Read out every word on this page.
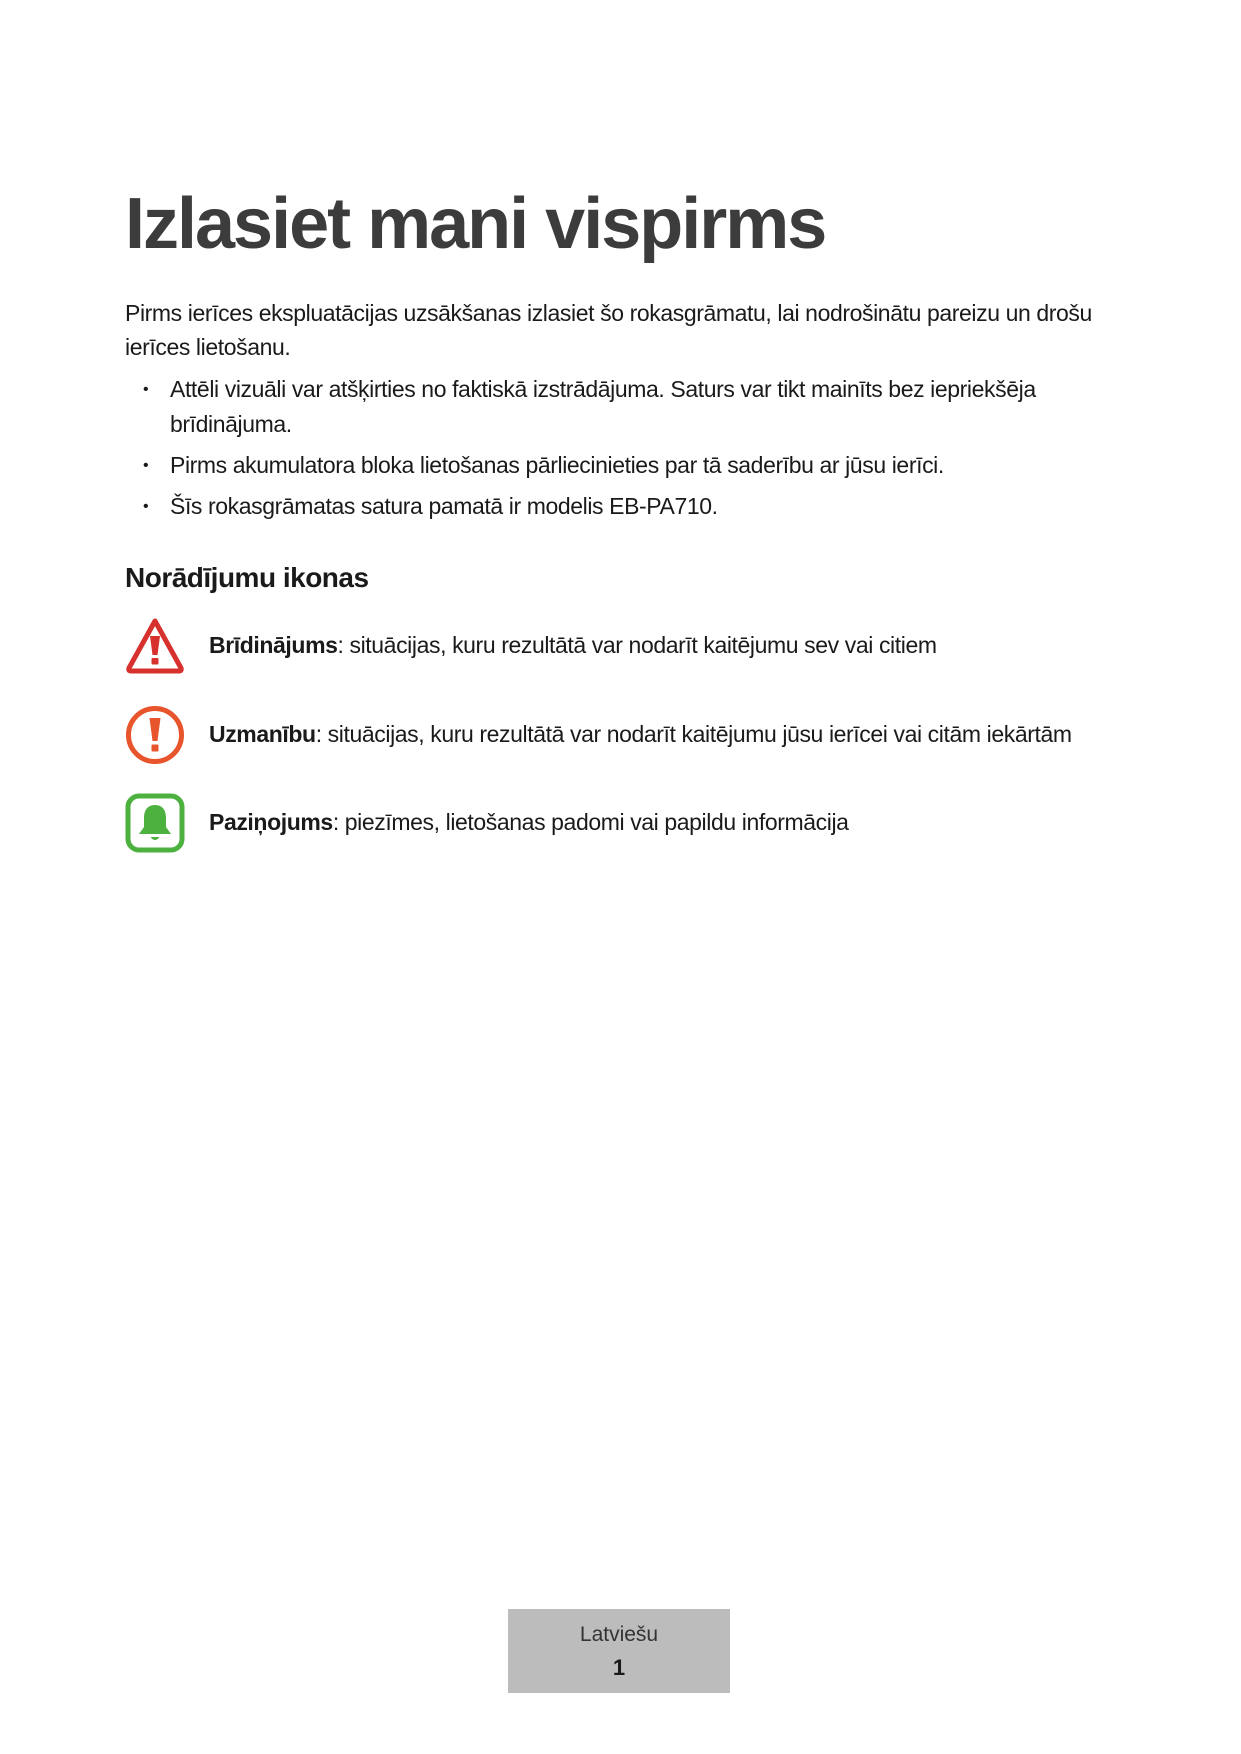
Izlasiet mani vispirms

Pirms ierīces ekspluatācijas uzsākšanas izlasiet šo rokasgrāmatu, lai nodrošinātu pareizu un drošu ierīces lietošanu.

• Attēli vizuāli var atšķirties no faktiskā izstrādājuma. Saturs var tikt mainīts bez iepriekšēja brīdinājuma.
• Pirms akumulatora bloka lietošanas pārliecinieties par tā saderību ar jūsu ierīci.
• Šīs rokasgrāmatas satura pamatā ir modelis EB-PA710.
Norādījumu ikonas
Brīdinājums: situācijas, kuru rezultātā var nodarīt kaitējumu sev vai citiem
Uzmanību: situācijas, kuru rezultātā var nodarīt kaitējumu jūsu ierīcei vai citām iekārtām
Paziņojums: piezīmes, lietošanas padomi vai papildu informācija
Latviešu
1
